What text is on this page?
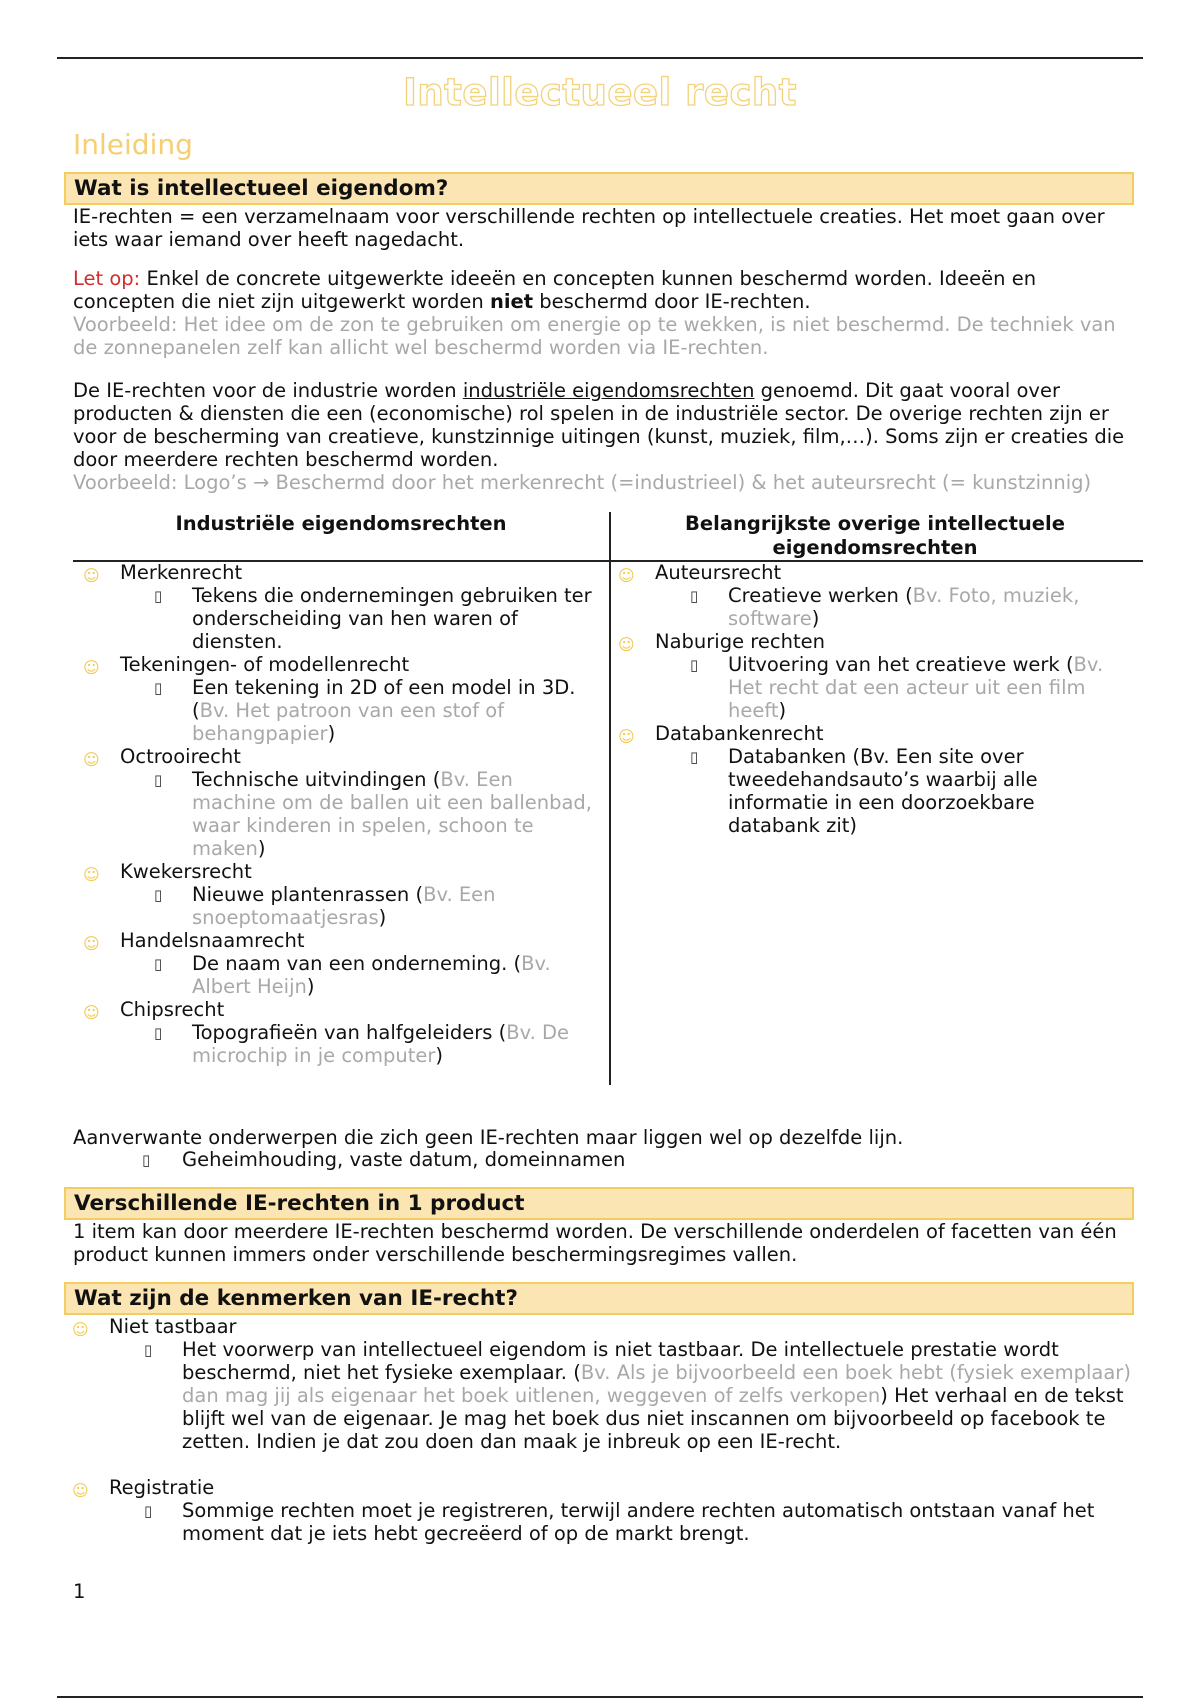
Intellectueel recht
Inleiding
Wat is intellectueel eigendom?
IE-rechten = een verzamelnaam voor verschillende rechten op intellectuele creaties. Het moet gaan over iets waar iemand over heeft nagedacht.
Let op: Enkel de concrete uitgewerkte ideeën en concepten kunnen beschermd worden. Ideeën en concepten die niet zijn uitgewerkt worden niet beschermd door IE-rechten.
Voorbeeld: Het idee om de zon te gebruiken om energie op te wekken, is niet beschermd. De techniek van de zonnepanelen zelf kan allicht wel beschermd worden via IE-rechten.
De IE-rechten voor de industrie worden industriële eigendomsrechten genoemd. Dit gaat vooral over producten & diensten die een (economische) rol spelen in de industriële sector. De overige rechten zijn er voor de bescherming van creatieve, kunstzinnige uitingen (kunst, muziek, film,…). Soms zijn er creaties die door meerdere rechten beschermd worden.
Voorbeeld: Logo’s → Beschermd door het merkenrecht (=industrieel) & het auteursrecht (= kunstzinnig)
Industriële eigendomsrechten	Belangrijkste overige intellectuele eigendomsrechten
☺ Merkenrecht
▯ Tekens die ondernemingen gebruiken ter onderscheiding van hen waren of diensten.
☺ Tekeningen- of modellenrecht
▯ Een tekening in 2D of een model in 3D. (Bv. Het patroon van een stof of behangpapier)
☺ Octrooirecht
▯ Technische uitvindingen (Bv. Een machine om de ballen uit een ballenbad, waar kinderen in spelen, schoon te maken)
☺ Kwekersrecht
▯ Nieuwe plantenrassen (Bv. Een snoeptomaatjesras)
☺ Handelsnaamrecht
▯ De naam van een onderneming. (Bv. Albert Heijn)
☺ Chipsrecht
▯ Topografieën van halfgeleiders (Bv. De microchip in je computer)
☺ Auteursrecht
▯ Creatieve werken (Bv. Foto, muziek, software)
☺ Naburige rechten
▯ Uitvoering van het creatieve werk (Bv. Het recht dat een acteur uit een film heeft)
☺ Databankenrecht
▯ Databanken (Bv. Een site over tweedehandsauto’s waarbij alle informatie in een doorzoekbare databank zit)
Aanverwante onderwerpen die zich geen IE-rechten maar liggen wel op dezelfde lijn.
▯ Geheimhouding, vaste datum, domeinnamen
Verschillende IE-rechten in 1 product
1 item kan door meerdere IE-rechten beschermd worden. De verschillende onderdelen of facetten van één product kunnen immers onder verschillende beschermingsregimes vallen.
Wat zijn de kenmerken van IE-recht?
☺ Niet tastbaar
▯ Het voorwerp van intellectueel eigendom is niet tastbaar. De intellectuele prestatie wordt beschermd, niet het fysieke exemplaar. (Bv. Als je bijvoorbeeld een boek hebt (fysiek exemplaar) dan mag jij als eigenaar het boek uitlenen, weggeven of zelfs verkopen) Het verhaal en de tekst blijft wel van de eigenaar. Je mag het boek dus niet inscannen om bijvoorbeeld op facebook te zetten. Indien je dat zou doen dan maak je inbreuk op een IE-recht.
☺ Registratie
▯ Sommige rechten moet je registreren, terwijl andere rechten automatisch ontstaan vanaf het moment dat je iets hebt gecreëerd of op de markt brengt.
1
